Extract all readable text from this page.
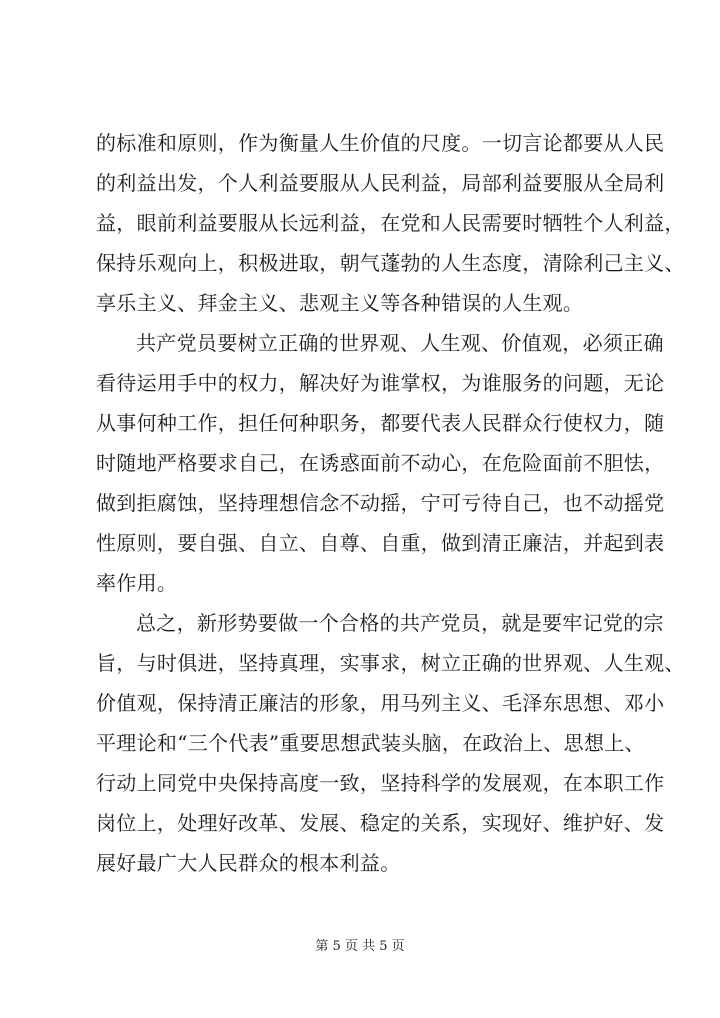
的标准和原则，作为衡量人生价值的尺度。一切言论都要从人民
的利益出发，个人利益要服从人民利益，局部利益要服从全局利
益，眼前利益要服从长远利益，在党和人民需要时牺牲个人利益，
保持乐观向上，积极进取，朝气蓬勃的人生态度，清除利己主义、
享乐主义、拜金主义、悲观主义等各种错误的人生观。
共产党员要树立正确的世界观、人生观、价值观，必须正确
看待运用手中的权力，解决好为谁掌权，为谁服务的问题，无论
从事何种工作，担任何种职务，都要代表人民群众行使权力，随
时随地严格要求自己，在诱惑面前不动心，在危险面前不胆怯，
做到拒腐蚀，坚持理想信念不动摇，宁可亏待自己，也不动摇党
性原则，要自强、自立、自尊、自重，做到清正廉洁，并起到表
率作用。
总之，新形势要做一个合格的共产党员，就是要牢记党的宗
旨，与时俱进，坚持真理，实事求，树立正确的世界观、人生观、
价值观，保持清正廉洁的形象，用马列主义、毛泽东思想、邓小
平理论和“三个代表”重要思想武装头脑，在政治上、思想上、
行动上同党中央保持高度一致，坚持科学的发展观，在本职工作
岗位上，处理好改革、发展、稳定的关系，实现好、维护好、发
展好最广大人民群众的根本利益。
第 5 页 共 5 页
